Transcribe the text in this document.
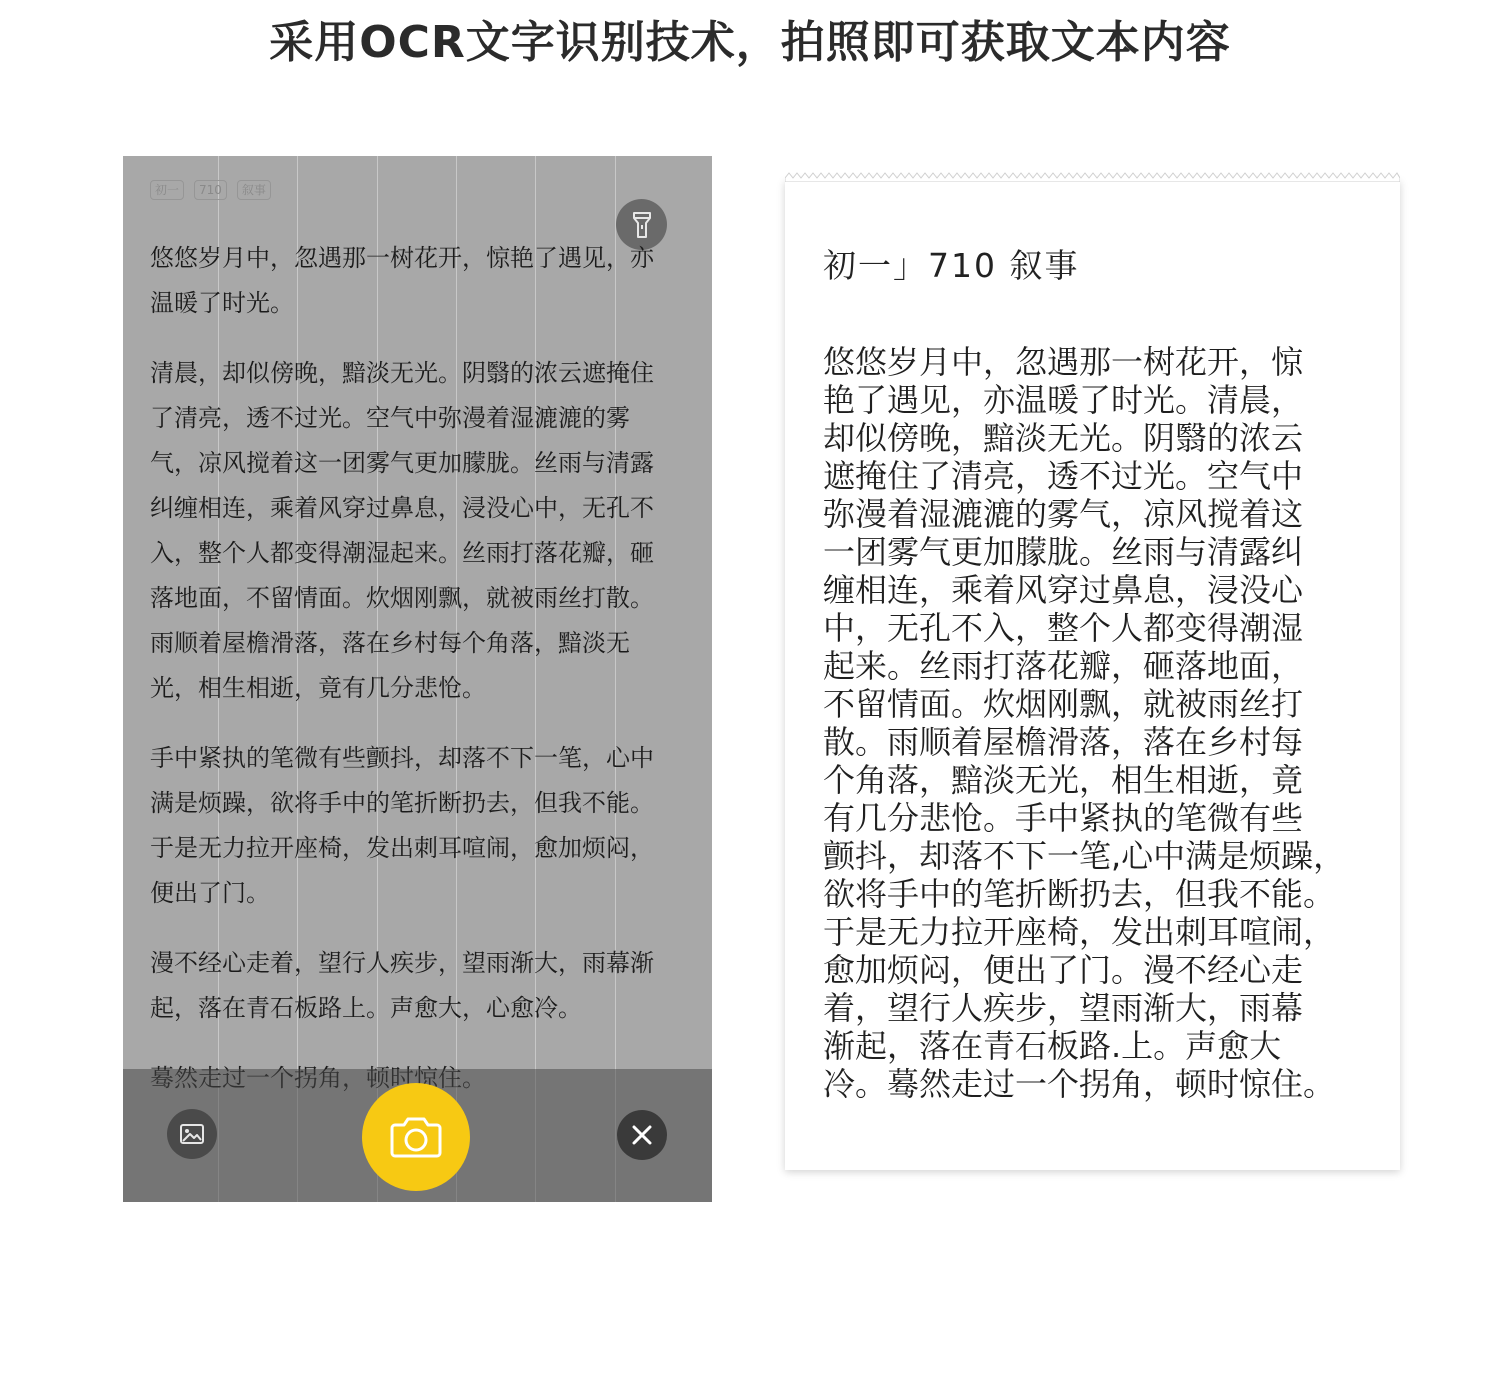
采用OCR文字识别技术，拍照即可获取文本内容
初一	710	叙事

悠悠岁月中，忽遇那一树花开，惊艳了遇见，亦温暖了时光。

清晨，却似傍晚，黯淡无光。阴翳的浓云遮掩住了清亮，透不过光。空气中弥漫着湿漉漉的雾气，凉风搅着这一团雾气更加朦胧。丝雨与清露纠缠相连，乘着风穿过鼻息，浸没心中，无孔不入，整个人都变得潮湿起来。丝雨打落花瓣，砸落地面，不留情面。炊烟刚飘，就被雨丝打散。雨顺着屋檐滑落，落在乡村每个角落，黯淡无光，相生相逝，竟有几分悲怆。

手中紧执的笔微有些颤抖，却落不下一笔，心中满是烦躁，欲将手中的笔折断扔去，但我不能。于是无力拉开座椅，发出刺耳喧闹，愈加烦闷，便出了门。

漫不经心走着，望行人疾步，望雨渐大，雨幕渐起，落在青石板路上。声愈大，心愈冷。

初一」710 叙事
悠悠岁月中，忽遇那一树花开，惊
艳了遇见，亦温暖了时光。清晨，
却似傍晚，黯淡无光。阴翳的浓云
遮掩住了清亮，透不过光。空气中
弥漫着湿漉漉的雾气，凉风搅着这
一团雾气更加朦胧。丝雨与清露纠
缠相连，乘着风穿过鼻息，浸没心
中，无孔不入，整个人都变得潮湿
起来。丝雨打落花瓣，砸落地面，
不留情面。炊烟刚飘，就被雨丝打
散。雨顺着屋檐滑落，落在乡村每
个角落，黯淡无光，相生相逝，竟
有几分悲怆。手中紧执的笔微有些
颤抖，却落不下一笔,心中满是烦躁，
欲将手中的笔折断扔去，但我不能。
于是无力拉开座椅，发出刺耳喧闹，
愈加烦闷，便出了门。漫不经心走
着，望行人疾步，望雨渐大，雨幕
渐起，落在青石板路.上。声愈大
冷。蓦然走过一个拐角，顿时惊住。
